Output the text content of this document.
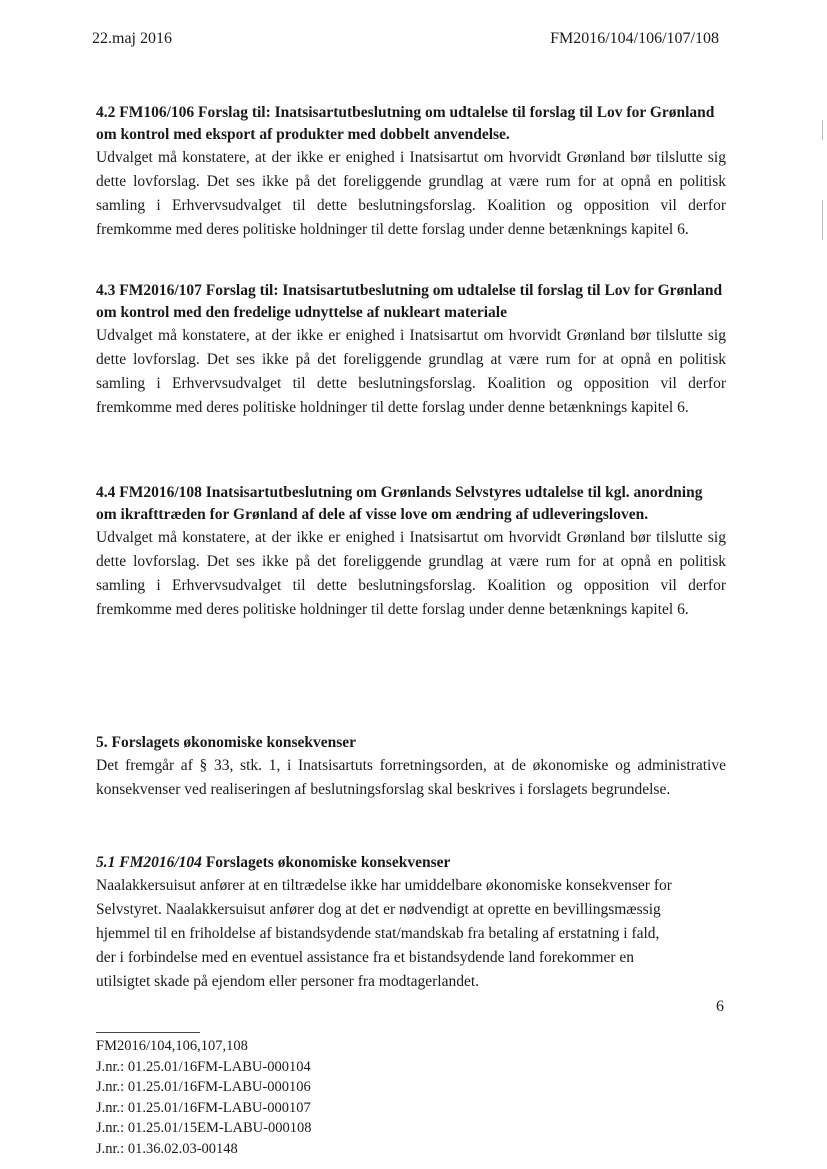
22.maj 2016	FM2016/104/106/107/108
4.2 FM106/106 Forslag til: Inatsisartutbeslutning om udtalelse til forslag til Lov for Grønland om kontrol med eksport af produkter med dobbelt anvendelse.
Udvalget må konstatere, at der ikke er enighed i Inatsisartut om hvorvidt Grønland bør tilslutte sig dette lovforslag. Det ses ikke på det foreliggende grundlag at være rum for at opnå en politisk samling i Erhvervsudvalget til dette beslutningsforslag. Koalition og opposition vil derfor fremkomme med deres politiske holdninger til dette forslag under denne betænknings kapitel 6.
4.3 FM2016/107 Forslag til: Inatsisartutbeslutning om udtalelse til forslag til Lov for Grønland om kontrol med den fredelige udnyttelse af nukleart materiale
Udvalget må konstatere, at der ikke er enighed i Inatsisartut om hvorvidt Grønland bør tilslutte sig dette lovforslag. Det ses ikke på det foreliggende grundlag at være rum for at opnå en politisk samling i Erhvervsudvalget til dette beslutningsforslag. Koalition og opposition vil derfor fremkomme med deres politiske holdninger til dette forslag under denne betænknings kapitel 6.
4.4 FM2016/108 Inatsisartutbeslutning om Grønlands Selvstyres udtalelse til kgl. anordning om ikrafttræden for Grønland af dele af visse love om ændring af udleveringsloven.
Udvalget må konstatere, at der ikke er enighed i Inatsisartut om hvorvidt Grønland bør tilslutte sig dette lovforslag. Det ses ikke på det foreliggende grundlag at være rum for at opnå en politisk samling i Erhvervsudvalget til dette beslutningsforslag. Koalition og opposition vil derfor fremkomme med deres politiske holdninger til dette forslag under denne betænknings kapitel 6.
5. Forslagets økonomiske konsekvenser
Det fremgår af § 33, stk. 1, i Inatsisartuts forretningsorden, at de økonomiske og administrative konsekvenser ved realiseringen af beslutningsforslag skal beskrives i forslagets begrundelse.
5.1 FM2016/104 Forslagets økonomiske konsekvenser
Naalakkersuisut anfører at en tiltrædelse ikke har umiddelbare økonomiske konsekvenser for
Selvstyret. Naalakkersuisut anfører dog at det er nødvendigt at oprette en bevillingsmæssig
hjemmel til en friholdelse af bistandsydende stat/mandskab fra betaling af erstatning i fald,
der i forbindelse med en eventuel assistance fra et bistandsydende land forekommer en
utilsigtet skade på ejendom eller personer fra modtagerlandet.
6
FM2016/104,106,107,108
J.nr.: 01.25.01/16FM-LABU-000104
J.nr.: 01.25.01/16FM-LABU-000106
J.nr.: 01.25.01/16FM-LABU-000107
J.nr.: 01.25.01/15EM-LABU-000108
J.nr.: 01.36.02.03-00148
